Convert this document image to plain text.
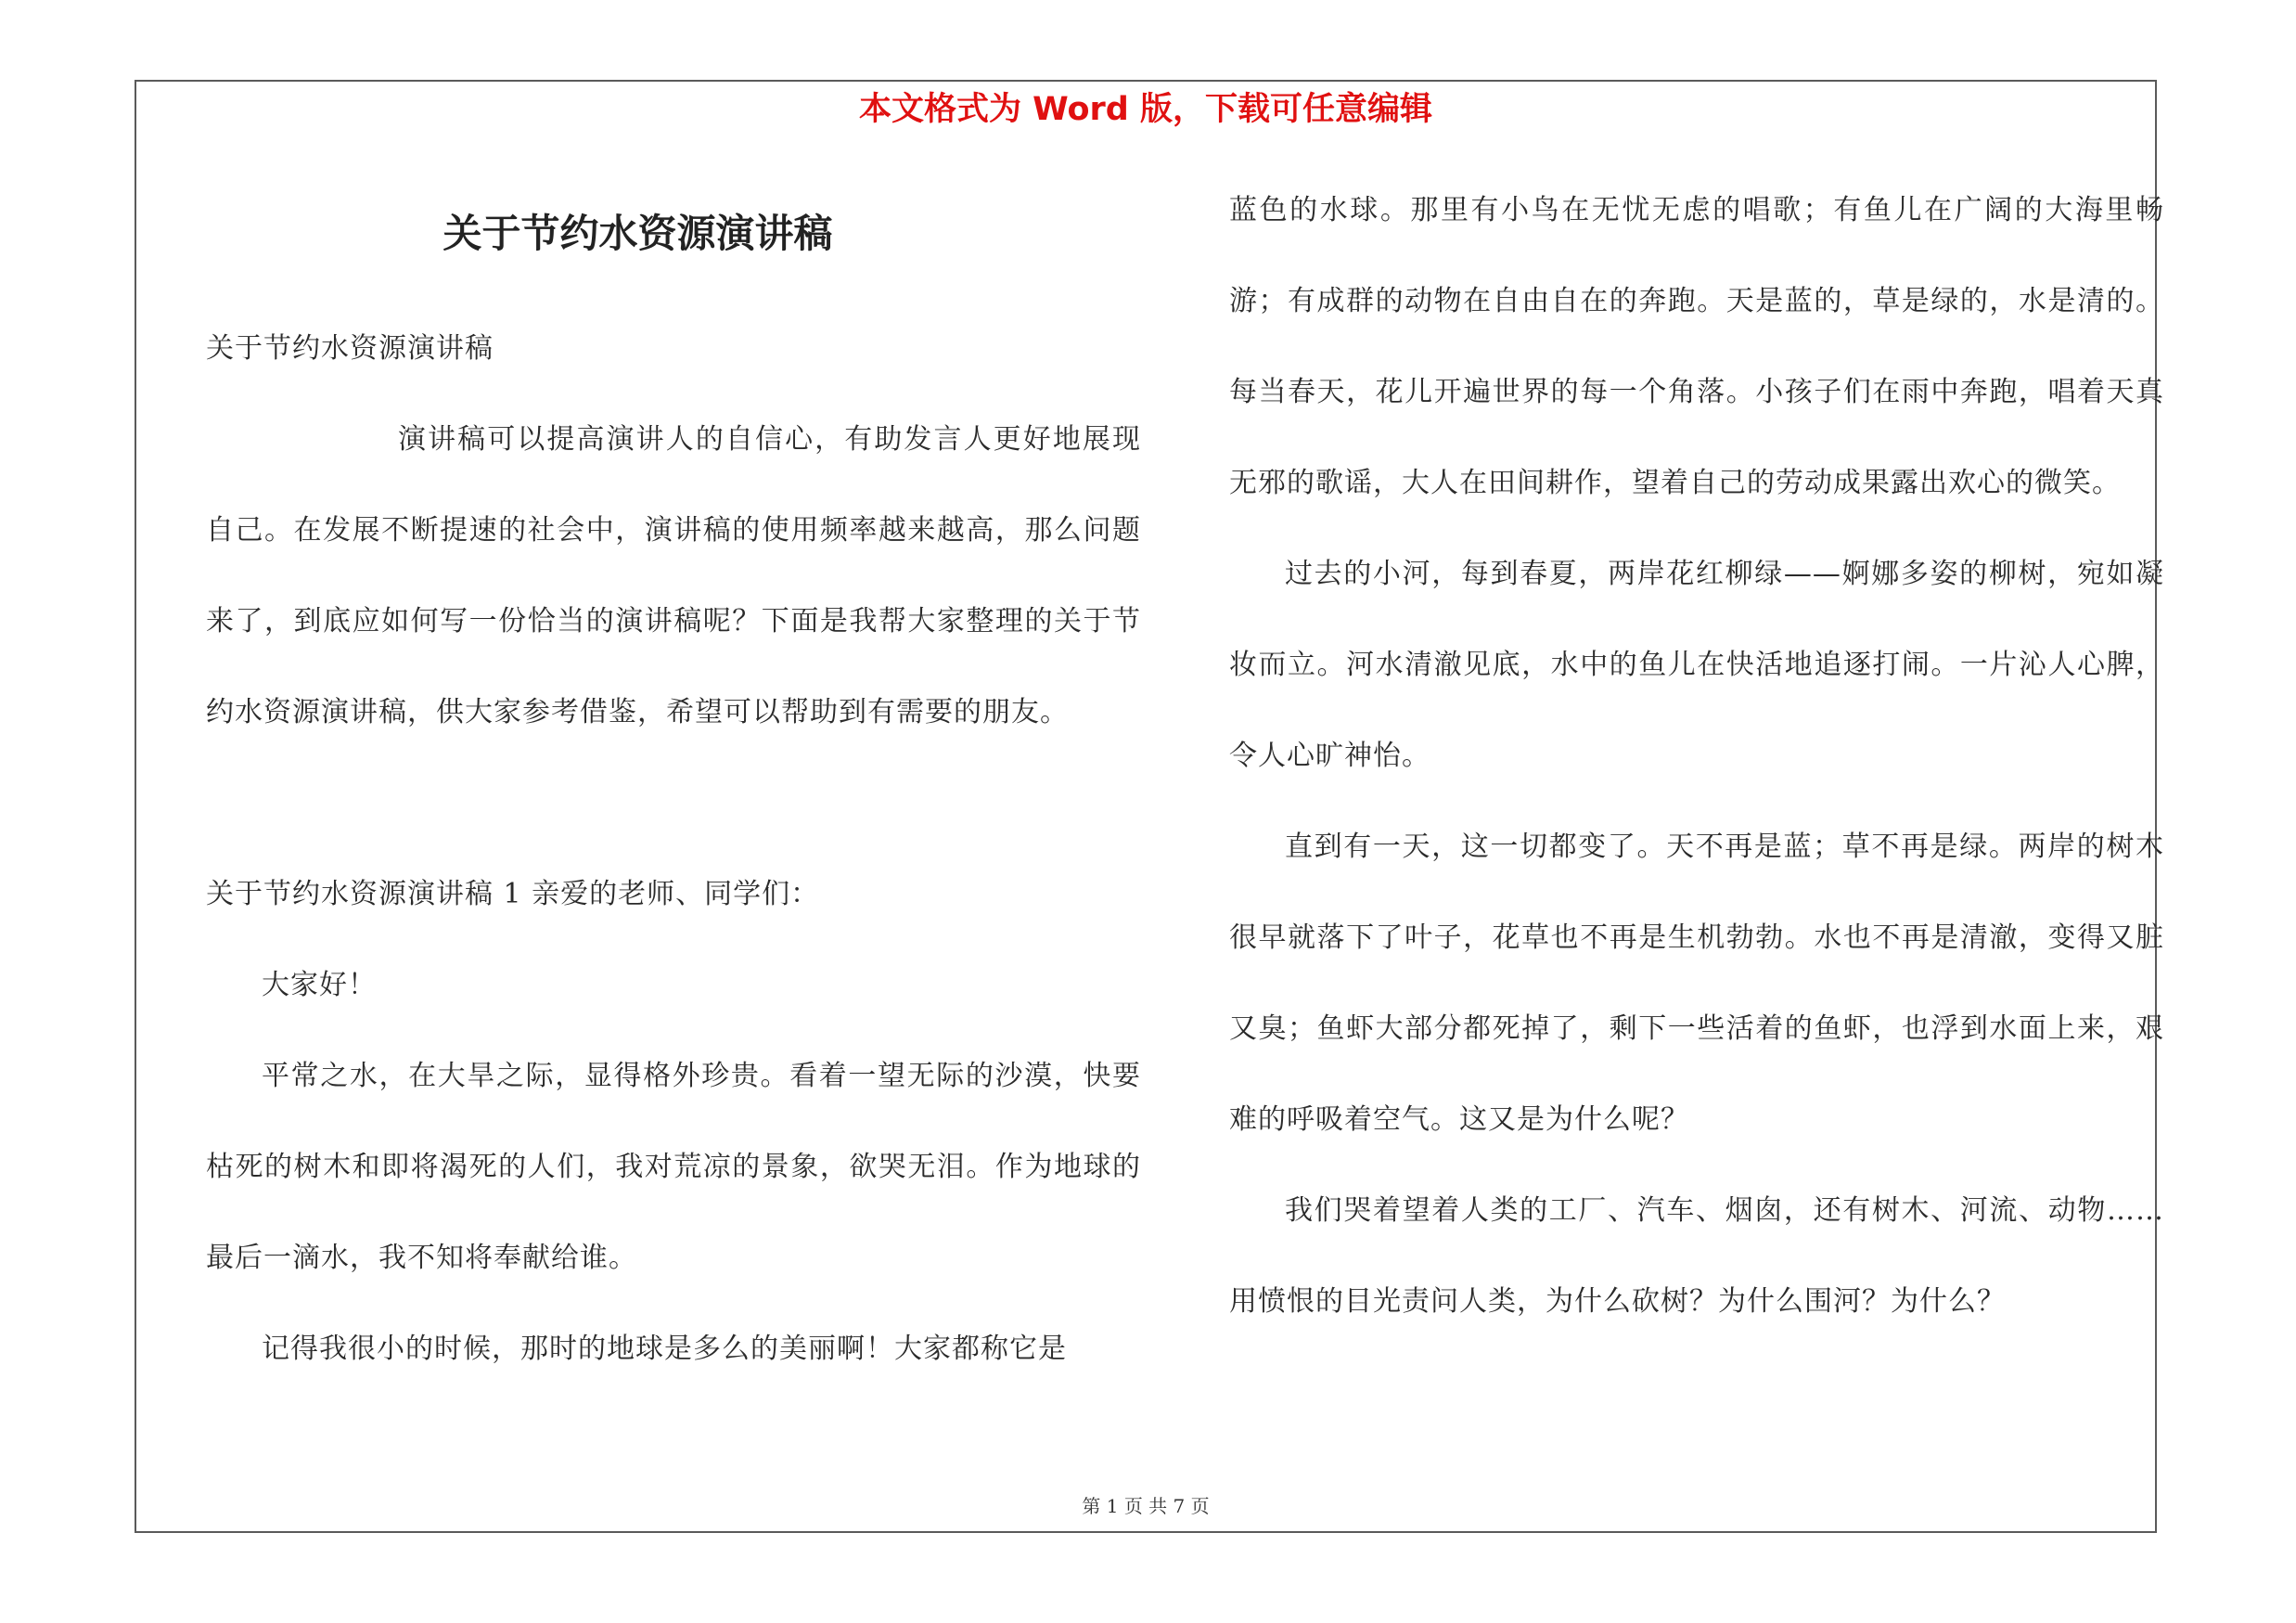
本文格式为 Word 版，下载可任意编辑
关于节约水资源演讲稿

关于节约水资源演讲稿

演讲稿可以提高演讲人的自信心，有助发言人更好地展现自己。在发展不断提速的社会中，演讲稿的使用频率越来越高，那么问题来了，到底应如何写一份恰当的演讲稿呢？下面是我帮大家整理的关于节约水资源演讲稿，供大家参考借鉴，希望可以帮助到有需要的朋友。

关于节约水资源演讲稿 1 亲爱的老师、同学们：

大家好！

平常之水，在大旱之际，显得格外珍贵。看着一望无际的沙漠，快要枯死的树木和即将渴死的人们，我对荒凉的景象，欲哭无泪。作为地球的最后一滴水，我不知将奉献给谁。

记得我很小的时候，那时的地球是多么的美丽啊！大家都称它是

蓝色的水球。那里有小鸟在无忧无虑的唱歌；有鱼儿在广阔的大海里畅游；有成群的动物在自由自在的奔跑。天是蓝的，草是绿的，水是清的。每当春天，花儿开遍世界的每一个角落。小孩子们在雨中奔跑，唱着天真无邪的歌谣，大人在田间耕作，望着自己的劳动成果露出欢心的微笑。

过去的小河，每到春夏，两岸花红柳绿——婀娜多姿的柳树，宛如凝妆而立。河水清澈见底，水中的鱼儿在快活地追逐打闹。一片沁人心脾，令人心旷神怡。

直到有一天，这一切都变了。天不再是蓝；草不再是绿。两岸的树木很早就落下了叶子，花草也不再是生机勃勃。水也不再是清澈，变得又脏又臭；鱼虾大部分都死掉了，剩下一些活着的鱼虾，也浮到水面上来，艰难的呼吸着空气。这又是为什么呢？

我们哭着望着人类的工厂、汽车、烟囱，还有树木、河流、动物……用愤恨的目光责问人类，为什么砍树？为什么围河？为什么？

第 1 页 共 7 页
